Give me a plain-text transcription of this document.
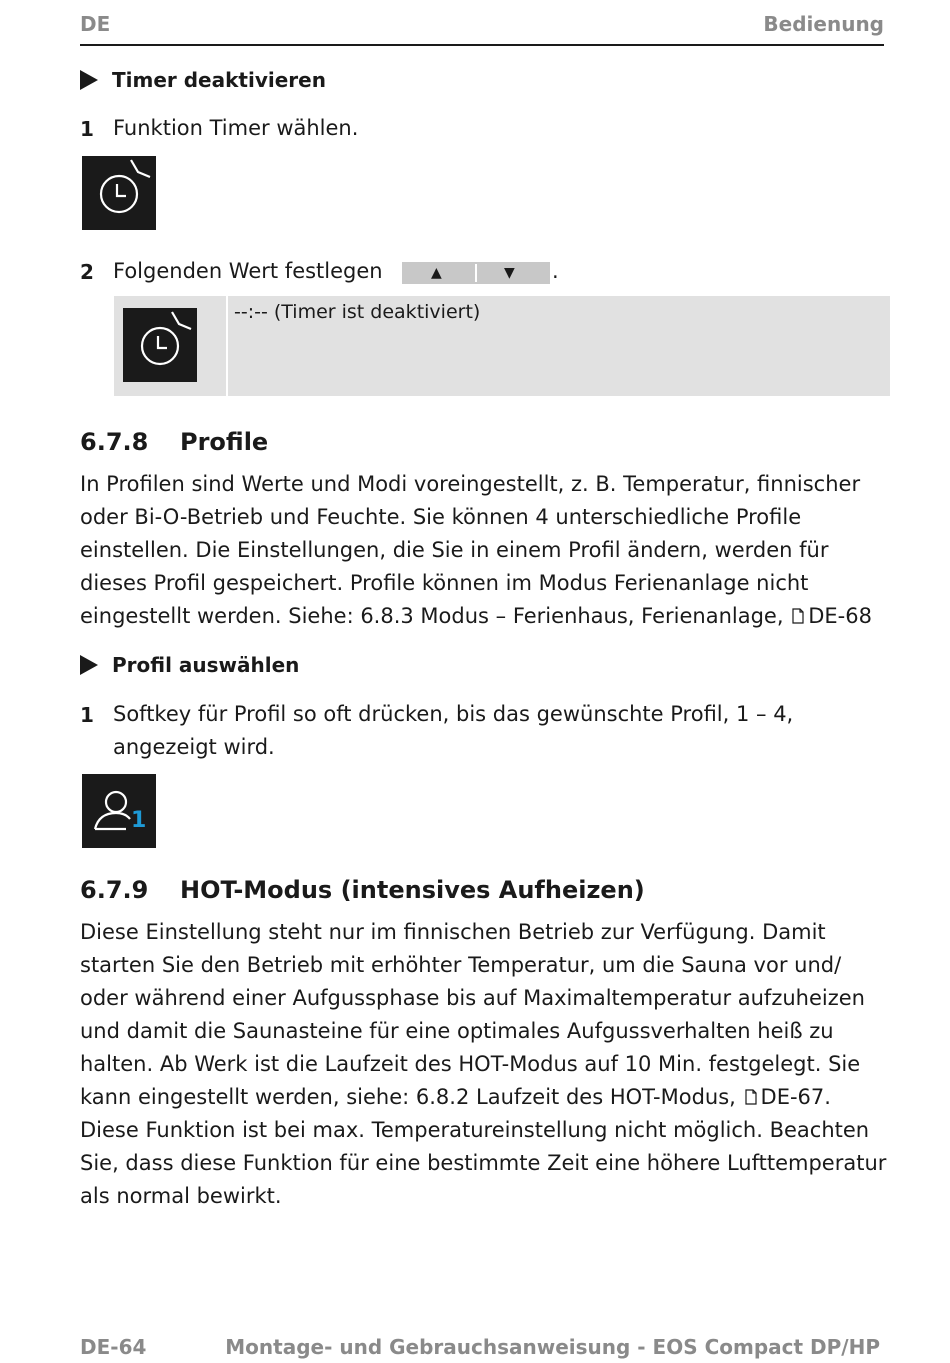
DE	Bedienung
Timer deaktivieren
1 Funktion Timer wählen.
2 Folgenden Wert festlegen	▲	▼ .
--:-- (Timer ist deaktiviert)
6.7.8 Profile

In Profilen sind Werte und Modi voreingestellt, z. B. Temperatur, finnischer oder Bi-O-Betrieb und Feuchte. Sie können 4 unterschiedliche Profile einstellen. Die Einstellungen, die Sie in einem Profil ändern, werden für dieses Profil gespeichert. Profile können im Modus Ferienanlage nicht eingestellt werden. Siehe: 6.8.3 Modus – Ferienhaus, Ferienanlage, DE-68

Profil auswählen
1 Softkey für Profil so oft drücken, bis das gewünschte Profil, 1 – 4, angezeigt wird.
1
6.7.9 HOT-Modus (intensives Aufheizen)

Diese Einstellung steht nur im finnischen Betrieb zur Verfügung. Damit starten Sie den Betrieb mit erhöhter Temperatur, um die Sauna vor und/ oder während einer Aufgussphase bis auf Maximaltemperatur aufzuheizen und damit die Saunasteine für eine optimales Aufgussverhalten heiß zu halten. Ab Werk ist die Laufzeit des HOT-Modus auf 10 Min. festgelegt. Sie kann eingestellt werden, siehe: 6.8.2 Laufzeit des HOT-Modus, DE-67. Diese Funktion ist bei max. Temperatureinstellung nicht möglich. Beachten Sie, dass diese Funktion für eine bestimmte Zeit eine höhere Lufttemperatur als normal bewirkt.

DE-64	Montage- und Gebrauchsanweisung - EOS Compact DP/HP
